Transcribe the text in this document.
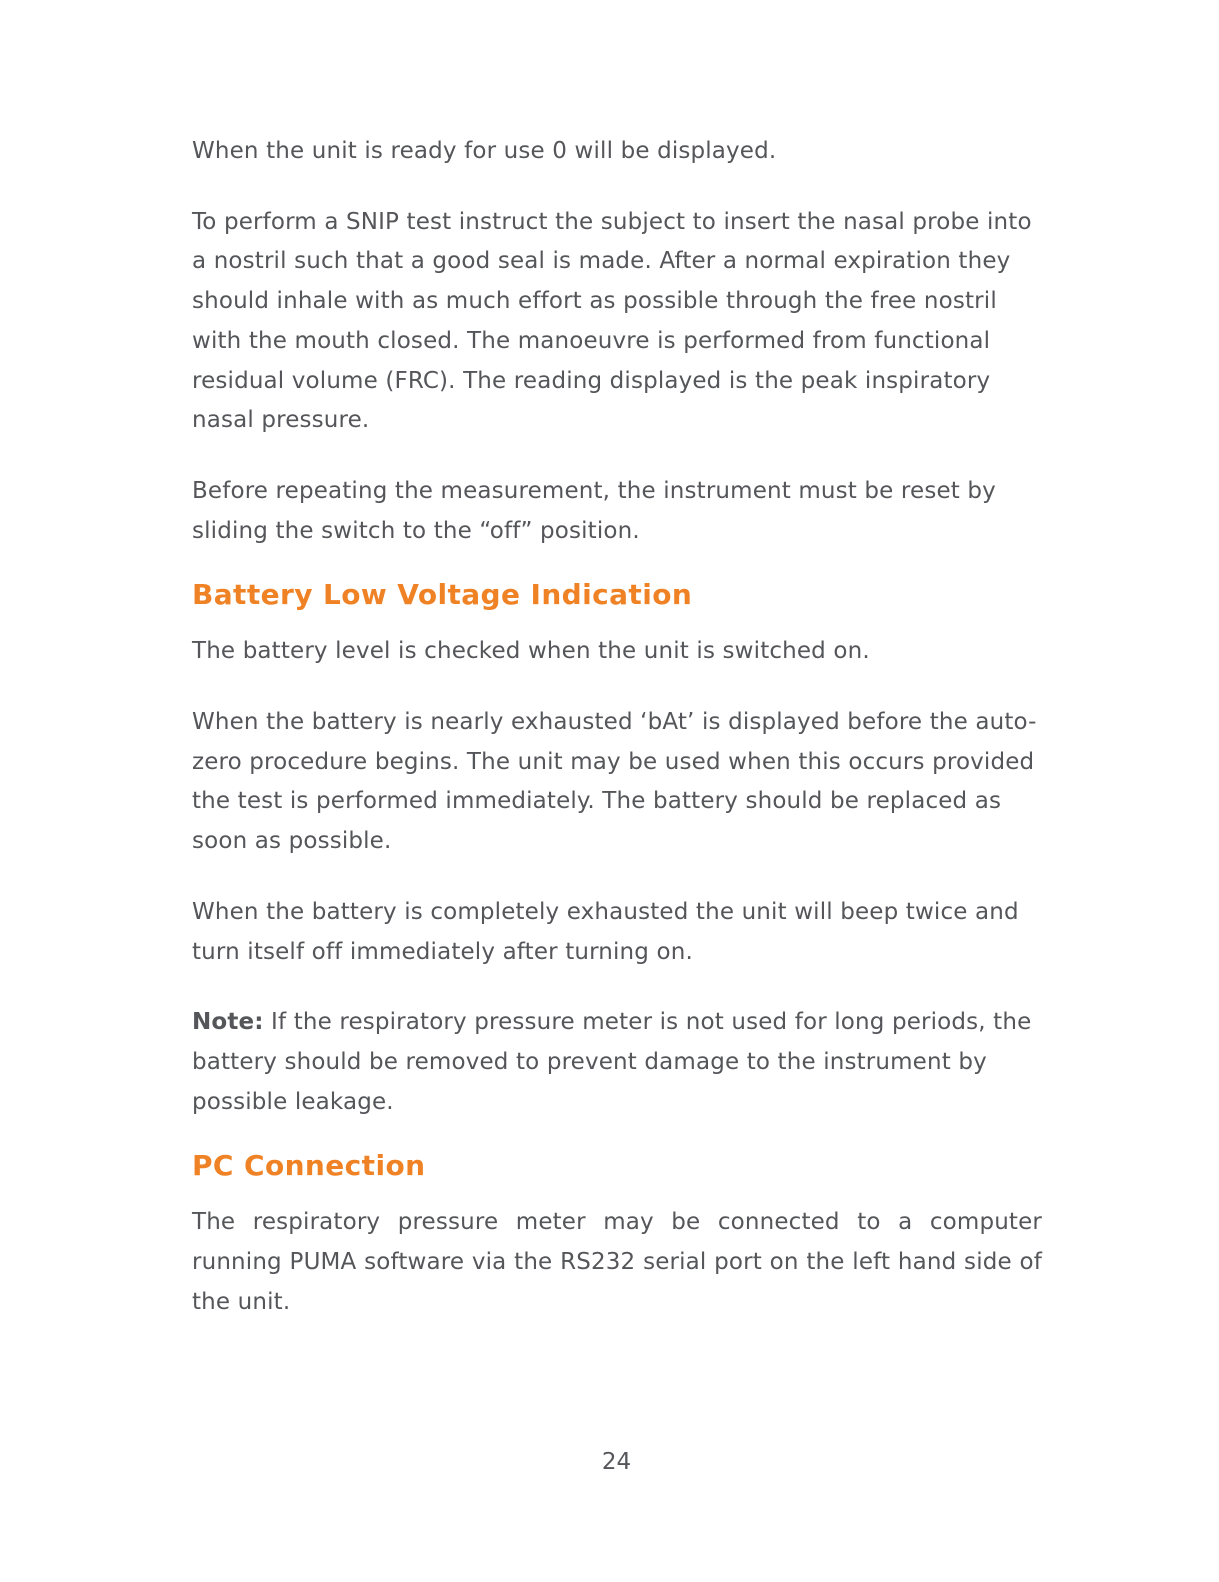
When the unit is ready for use 0 will be displayed.

To perform a SNIP test instruct the subject to insert the nasal probe into a nostril such that a good seal is made. After a normal expiration they should inhale with as much effort as possible through the free nostril with the mouth closed. The manoeuvre is performed from functional residual volume (FRC). The reading displayed is the peak inspiratory nasal pressure.

Before repeating the measurement, the instrument must be reset by sliding the switch to the “off” position.

Battery Low Voltage Indication

The battery level is checked when the unit is switched on.

When the battery is nearly exhausted ‘bAt’ is displayed before the auto-zero procedure begins. The unit may be used when this occurs provided the test is performed immediately. The battery should be replaced as soon as possible.

When the battery is completely exhausted the unit will beep twice and turn itself off immediately after turning on.

Note: If the respiratory pressure meter is not used for long periods, the battery should be removed to prevent damage to the instrument by possible leakage.

PC Connection

The respiratory pressure meter may be connected to a computer running PUMA software via the RS232 serial port on the left hand side of the unit.

24
